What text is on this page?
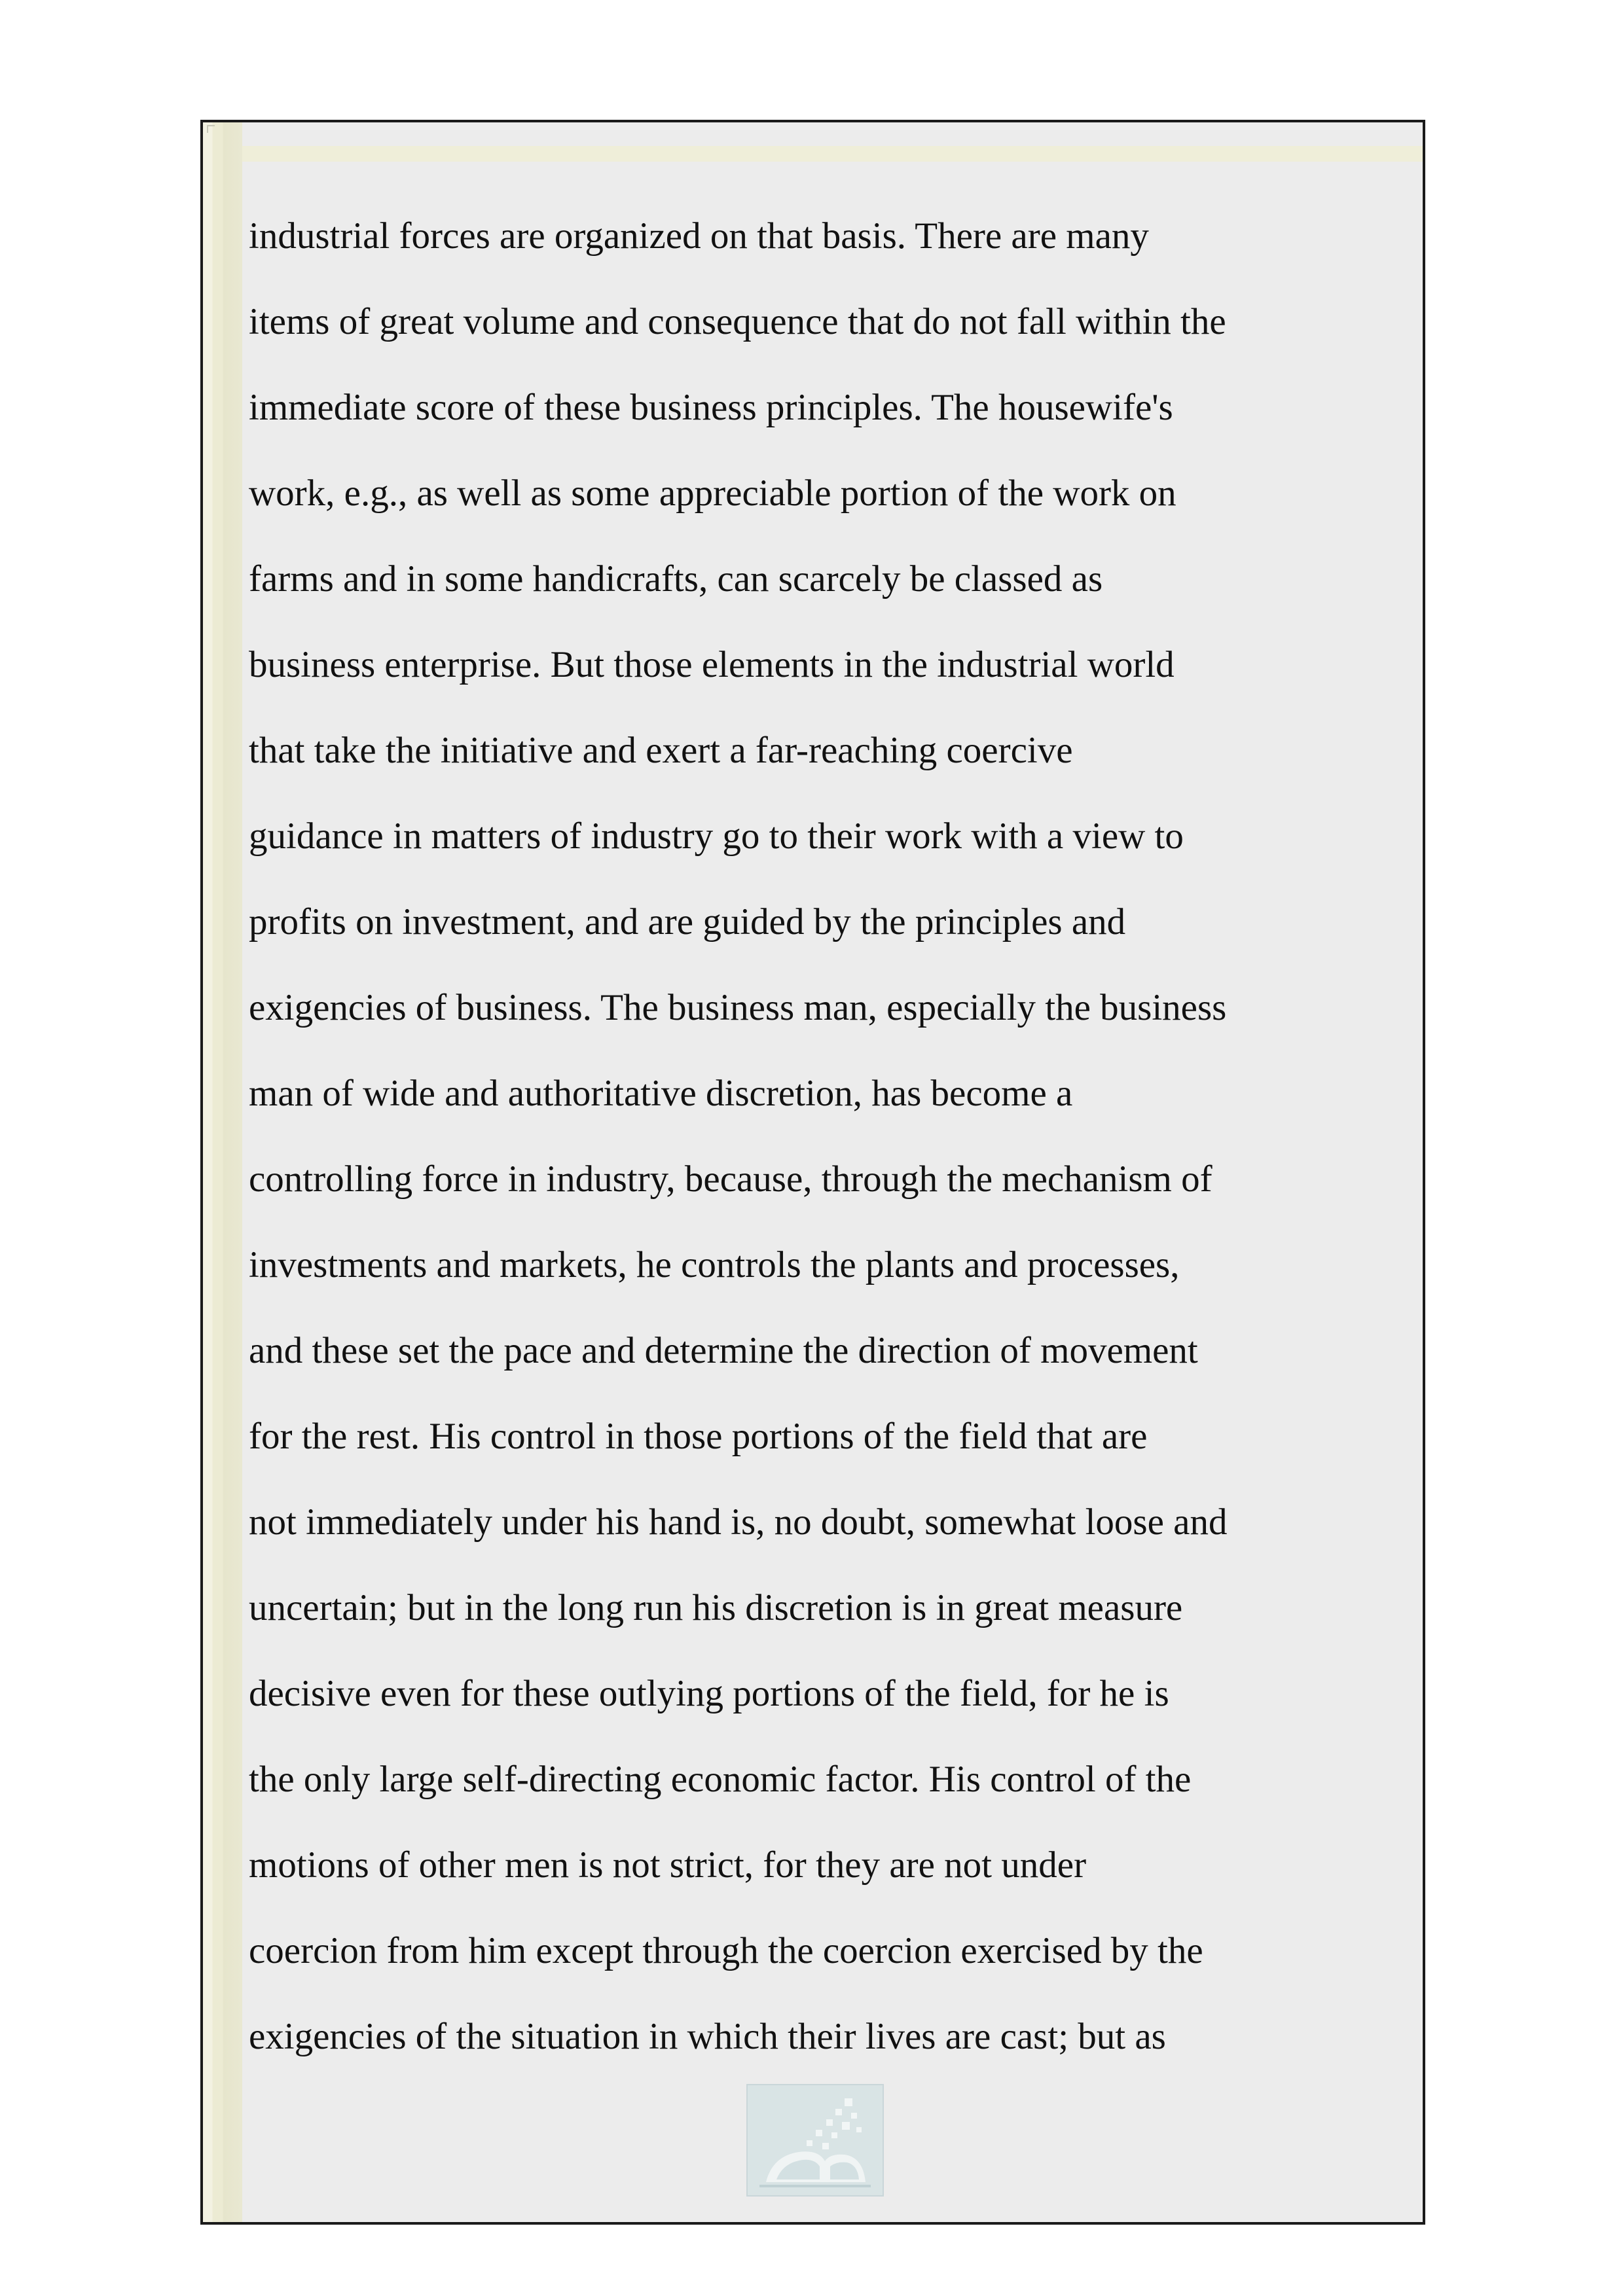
industrial forces are organized on that basis. There are many
items of great volume and consequence that do not fall within the
immediate score of these business principles. The housewife's
work, e.g., as well as some appreciable portion of the work on
farms and in some handicrafts, can scarcely be classed as
business enterprise. But those elements in the industrial world
that take the initiative and exert a far-reaching coercive
guidance in matters of industry go to their work with a view to
profits on investment, and are guided by the principles and
exigencies of business. The business man, especially the business
man of wide and authoritative discretion, has become a
controlling force in industry, because, through the mechanism of
investments and markets, he controls the plants and processes,
and these set the pace and determine the direction of movement
for the rest. His control in those portions of the field that are
not immediately under his hand is, no doubt, somewhat loose and
uncertain; but in the long run his discretion is in great measure
decisive even for these outlying portions of the field, for he is
the only large self-directing economic factor. His control of the
motions of other men is not strict, for they are not under
coercion from him except through the coercion exercised by the
exigencies of the situation in which their lives are cast; but as
